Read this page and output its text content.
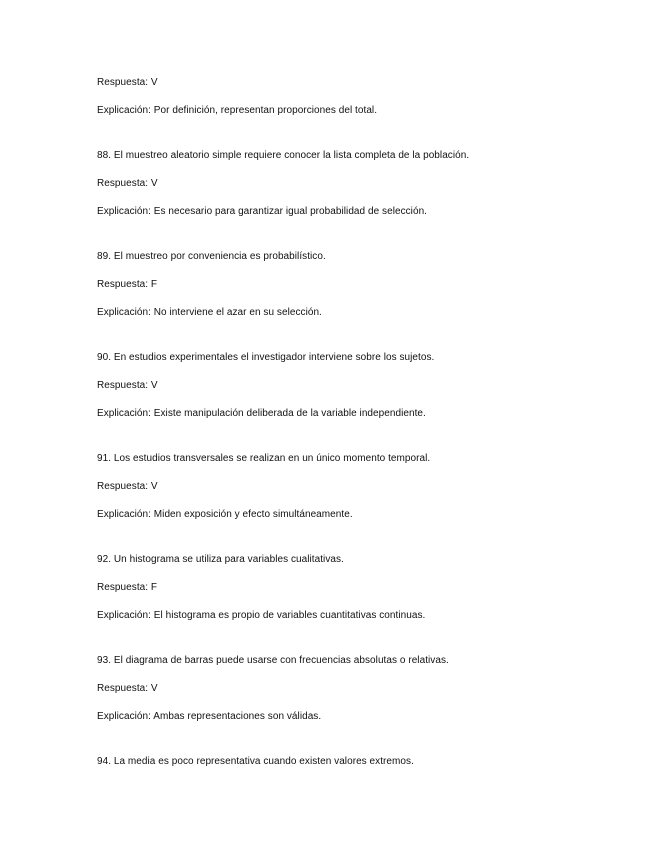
Respuesta: V
Explicación: Por definición, representan proporciones del total.
88. El muestreo aleatorio simple requiere conocer la lista completa de la población.
Respuesta: V
Explicación: Es necesario para garantizar igual probabilidad de selección.
89. El muestreo por conveniencia es probabilístico.
Respuesta: F
Explicación: No interviene el azar en su selección.
90. En estudios experimentales el investigador interviene sobre los sujetos.
Respuesta: V
Explicación: Existe manipulación deliberada de la variable independiente.
91. Los estudios transversales se realizan en un único momento temporal.
Respuesta: V
Explicación: Miden exposición y efecto simultáneamente.
92. Un histograma se utiliza para variables cualitativas.
Respuesta: F
Explicación: El histograma es propio de variables cuantitativas continuas.
93. El diagrama de barras puede usarse con frecuencias absolutas o relativas.
Respuesta: V
Explicación: Ambas representaciones son válidas.
94. La media es poco representativa cuando existen valores extremos.
